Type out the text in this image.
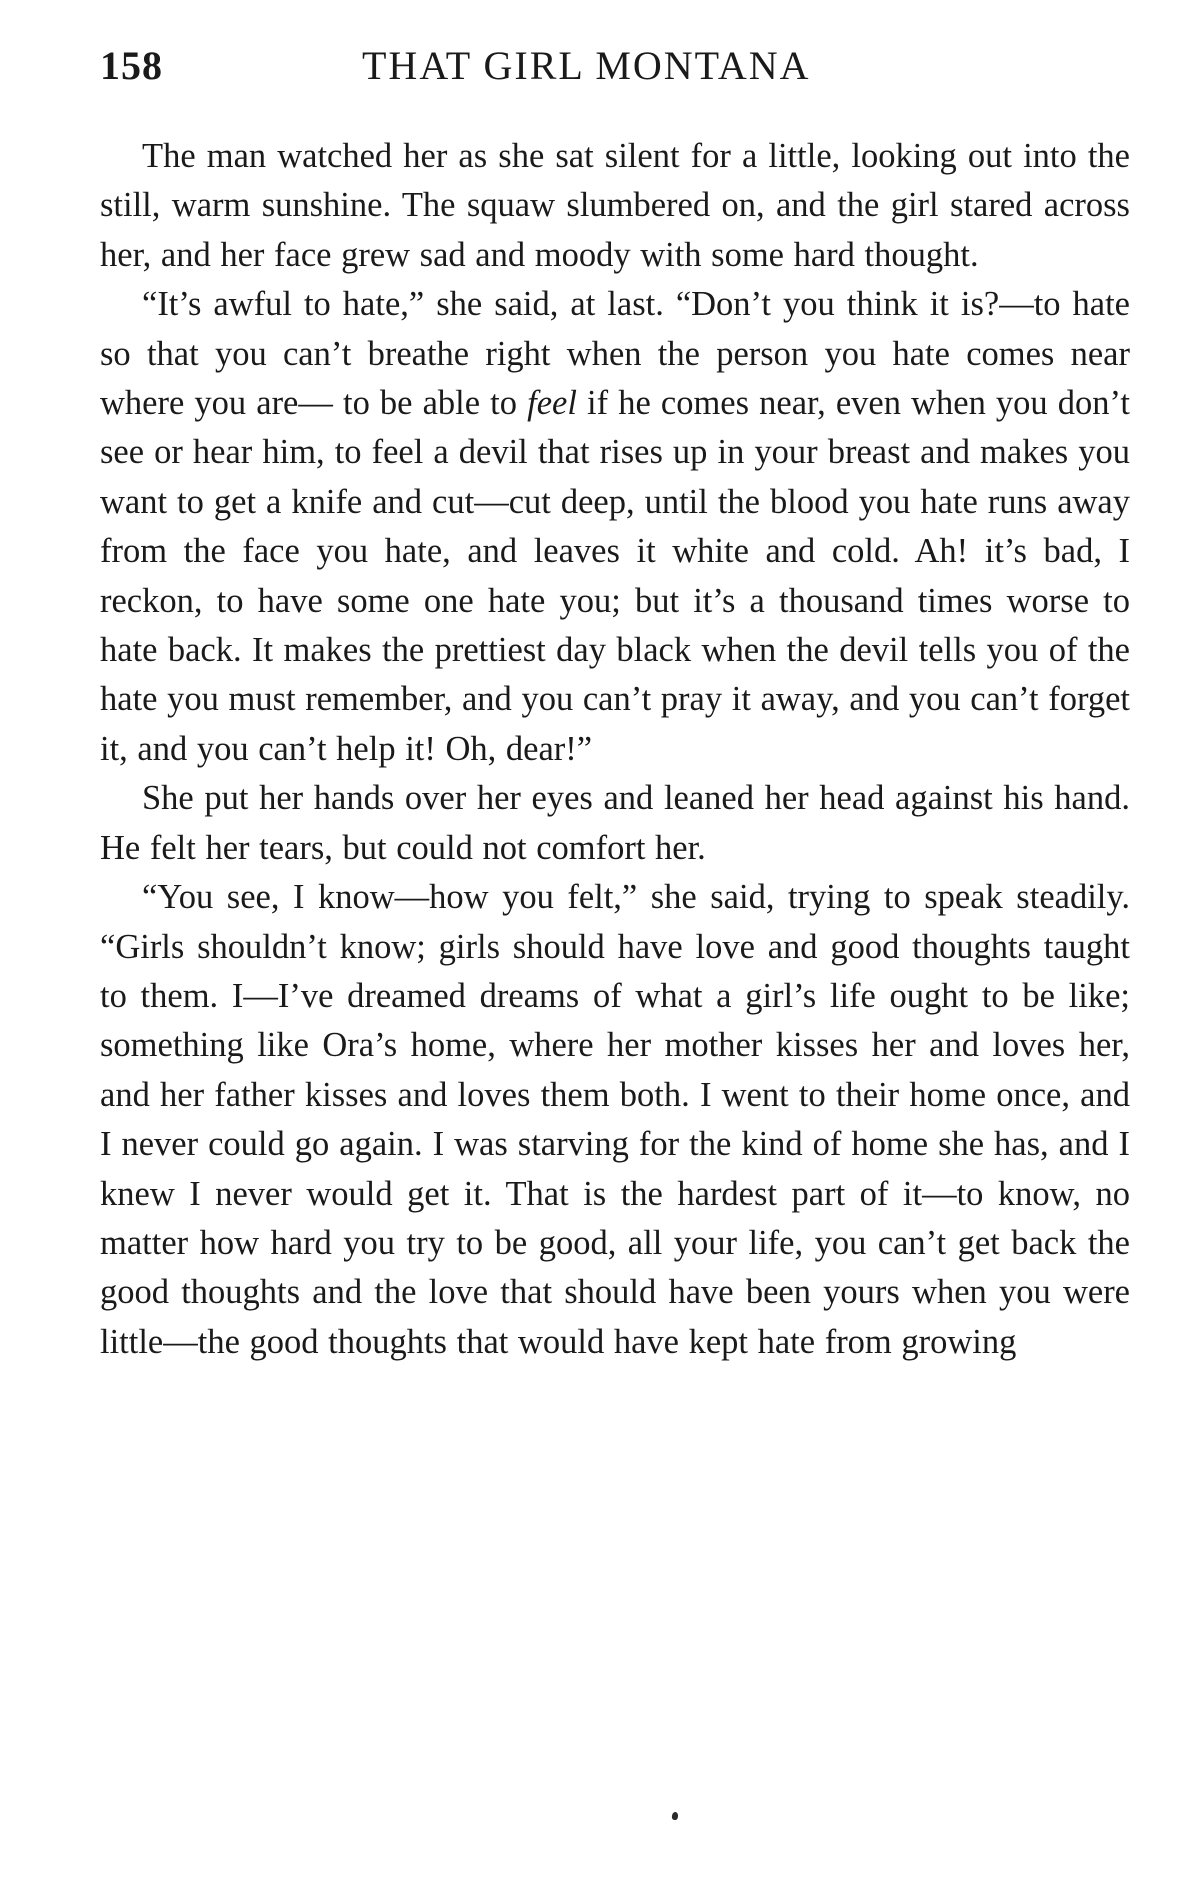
158	THAT GIRL MONTANA

The man watched her as she sat silent for a little, looking out into the still, warm sunshine. The squaw slumbered on, and the girl stared across her, and her face grew sad and moody with some hard thought.

“It’s awful to hate,” she said, at last. “Don’t you think it is?—to hate so that you can’t breathe right when the person you hate comes near where you are— to be able to feel if he comes near, even when you don’t see or hear him, to feel a devil that rises up in your breast and makes you want to get a knife and cut—cut deep, until the blood you hate runs away from the face you hate, and leaves it white and cold. Ah! it’s bad, I reckon, to have some one hate you; but it’s a thousand times worse to hate back. It makes the prettiest day black when the devil tells you of the hate you must remember, and you can’t pray it away, and you can’t forget it, and you can’t help it! Oh, dear!”

She put her hands over her eyes and leaned her head against his hand. He felt her tears, but could not comfort her.

“You see, I know—how you felt,” she said, trying to speak steadily. “Girls shouldn’t know; girls should have love and good thoughts taught to them. I—I’ve dreamed dreams of what a girl’s life ought to be like; something like Ora’s home, where her mother kisses her and loves her, and her father kisses and loves them both. I went to their home once, and I never could go again. I was starving for the kind of home she has, and I knew I never would get it. That is the hardest part of it—to know, no matter how hard you try to be good, all your life, you can’t get back the good thoughts and the love that should have been yours when you were little—the good thoughts that would have kept hate from growing
